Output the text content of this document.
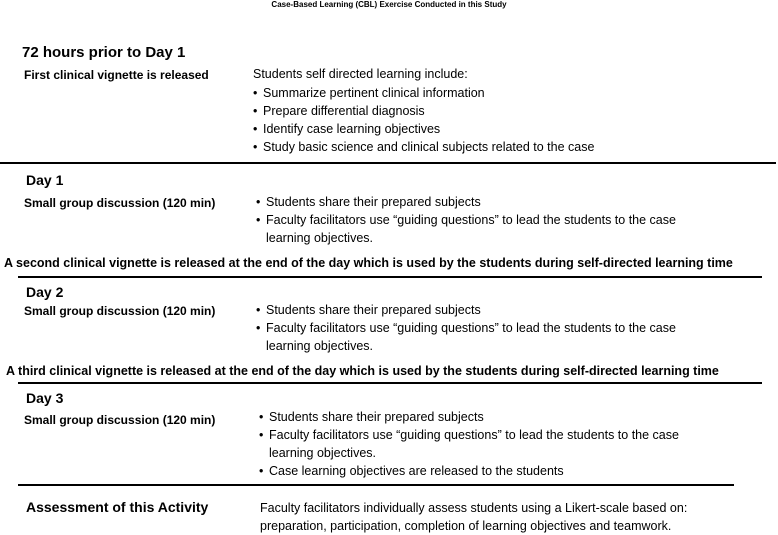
Case-Based Learning (CBL) Exercise Conducted in this Study
72 hours prior to Day 1
First clinical vignette is released	Students self directed learning include:
• Summarize pertinent clinical information
• Prepare differential diagnosis
• Identify case learning objectives
• Study basic science and clinical subjects related to the case
Day 1
Small group discussion (120 min)	• Students share their prepared subjects
• Faculty facilitators use “guiding questions” to lead the students to the case
learning objectives.
A second clinical vignette is released at the end of the day which is used by the students during self-directed learning time
Day 2
Small group discussion (120 min)	• Students share their prepared subjects
• Faculty facilitators use “guiding questions” to lead the students to the case
learning objectives.
A third clinical vignette is released at the end of the day which is used by the students during self-directed learning time
Day 3
Small group discussion (120 min)	• Students share their prepared subjects
• Faculty facilitators use “guiding questions” to lead the students to the case
learning objectives.
• Case learning objectives are released to the students
Assessment of this Activity	Faculty facilitators individually assess students using a Likert-scale based on:
preparation, participation, completion of learning objectives and teamwork.
